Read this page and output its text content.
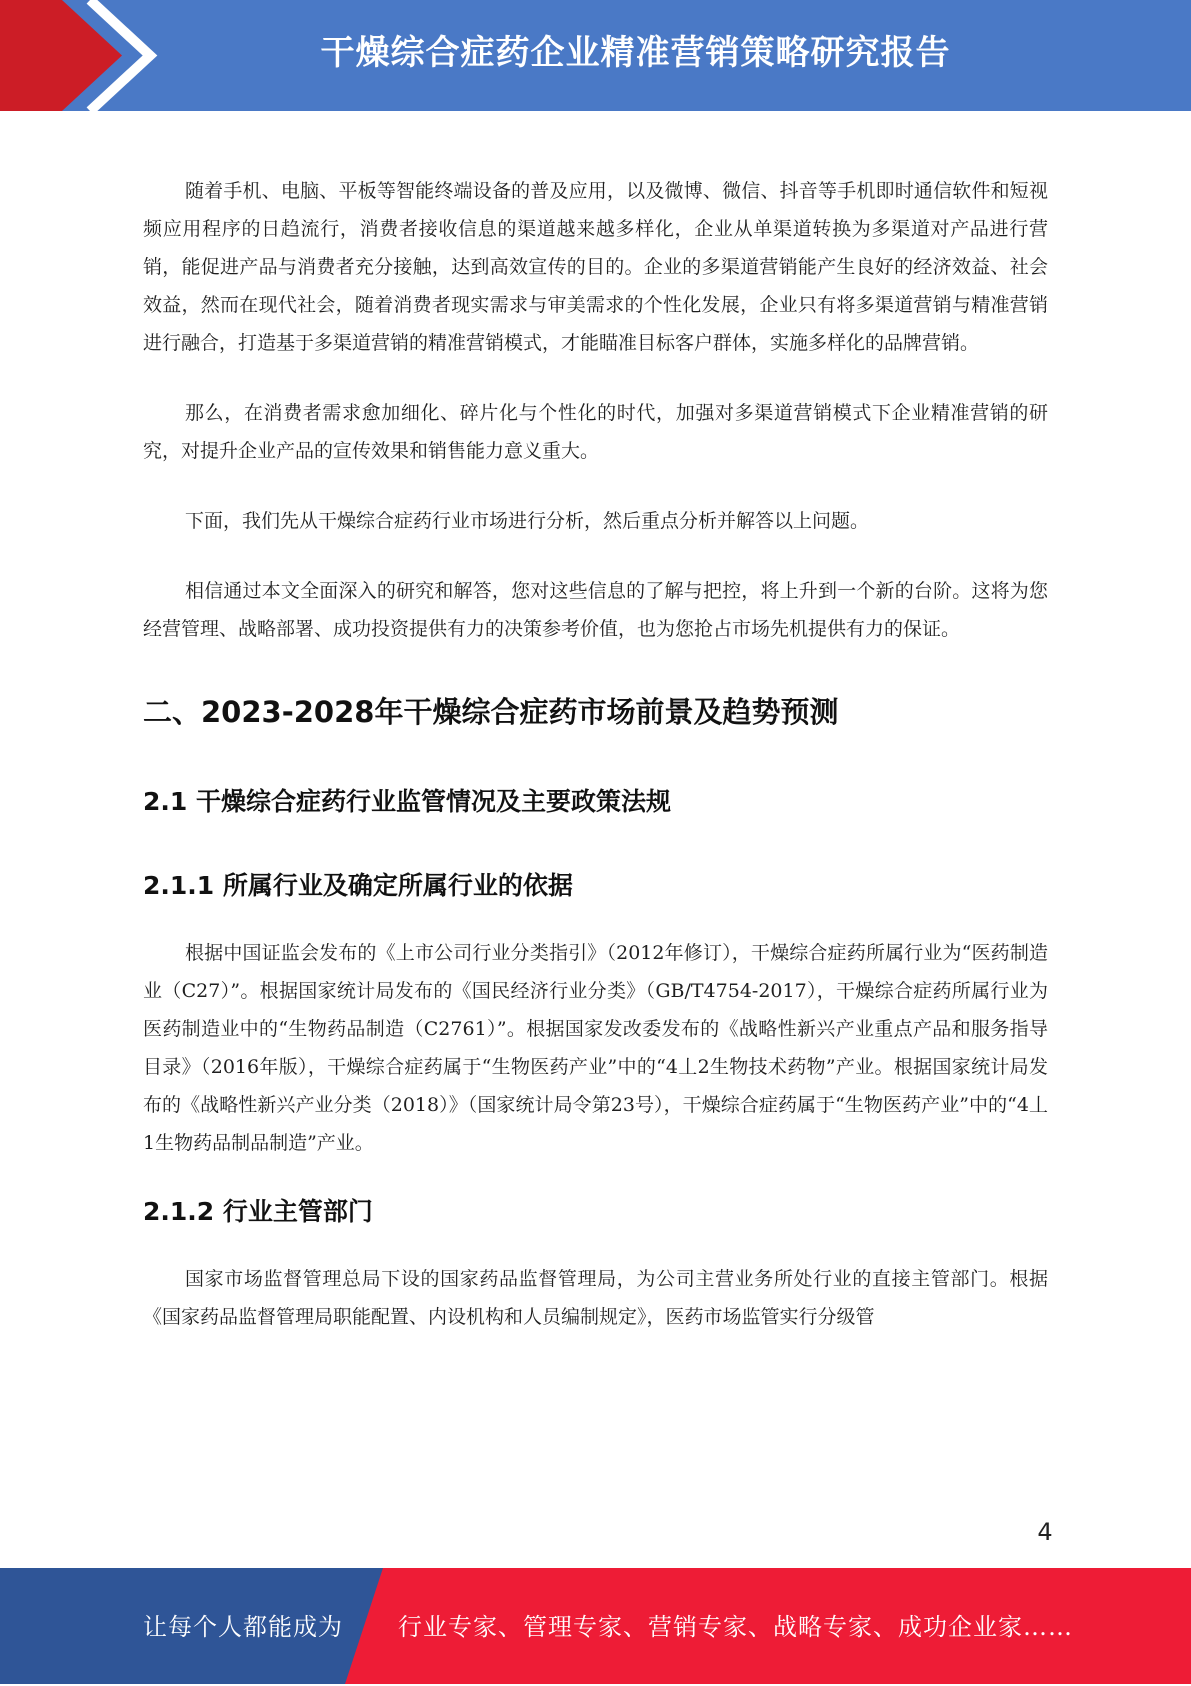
干燥综合症药企业精准营销策略研究报告

随着手机、电脑、平板等智能终端设备的普及应用，以及微博、微信、抖音等手机即时通信软件和短视频应用程序的日趋流行，消费者接收信息的渠道越来越多样化，企业从单渠道转换为多渠道对产品进行营销，能促进产品与消费者充分接触，达到高效宣传的目的。企业的多渠道营销能产生良好的经济效益、社会效益，然而在现代社会，随着消费者现实需求与审美需求的个性化发展，企业只有将多渠道营销与精准营销进行融合，打造基于多渠道营销的精准营销模式，才能瞄准目标客户群体，实施多样化的品牌营销。

那么，在消费者需求愈加细化、碎片化与个性化的时代，加强对多渠道营销模式下企业精准营销的研究，对提升企业产品的宣传效果和销售能力意义重大。

下面，我们先从干燥综合症药行业市场进行分析，然后重点分析并解答以上问题。

相信通过本文全面深入的研究和解答，您对这些信息的了解与把控，将上升到一个新的台阶。这将为您经营管理、战略部署、成功投资提供有力的决策参考价值，也为您抢占市场先机提供有力的保证。

二、2023-2028年干燥综合症药市场前景及趋势预测
2.1 干燥综合症药行业监管情况及主要政策法规
2.1.1 所属行业及确定所属行业的依据

根据中国证监会发布的《上市公司行业分类指引》（2012年修订），干燥综合症药所属行业为“医药制造业（C27）”。根据国家统计局发布的《国民经济行业分类》（GB/T4754-2017），干燥综合症药所属行业为医药制造业中的“生物药品制造（C2761）”。根据国家发改委发布的《战略性新兴产业重点产品和服务指导目录》（2016年版），干燥综合症药属于“生物医药产业”中的“4丄2生物技术药物”产业。根据国家统计局发布的《战略性新兴产业分类（2018）》（国家统计局令第23号），干燥综合症药属于“生物医药产业”中的“4丄1生物药品制品制造”产业。

2.1.2 行业主管部门

国家市场监督管理总局下设的国家药品监督管理局，为公司主营业务所处行业的直接主管部门。根据《国家药品监督管理局职能配置、内设机构和人员编制规定》，医药市场监管实行分级管

4
让每个人都能成为 行业专家、管理专家、营销专家、战略专家、成功企业家……
